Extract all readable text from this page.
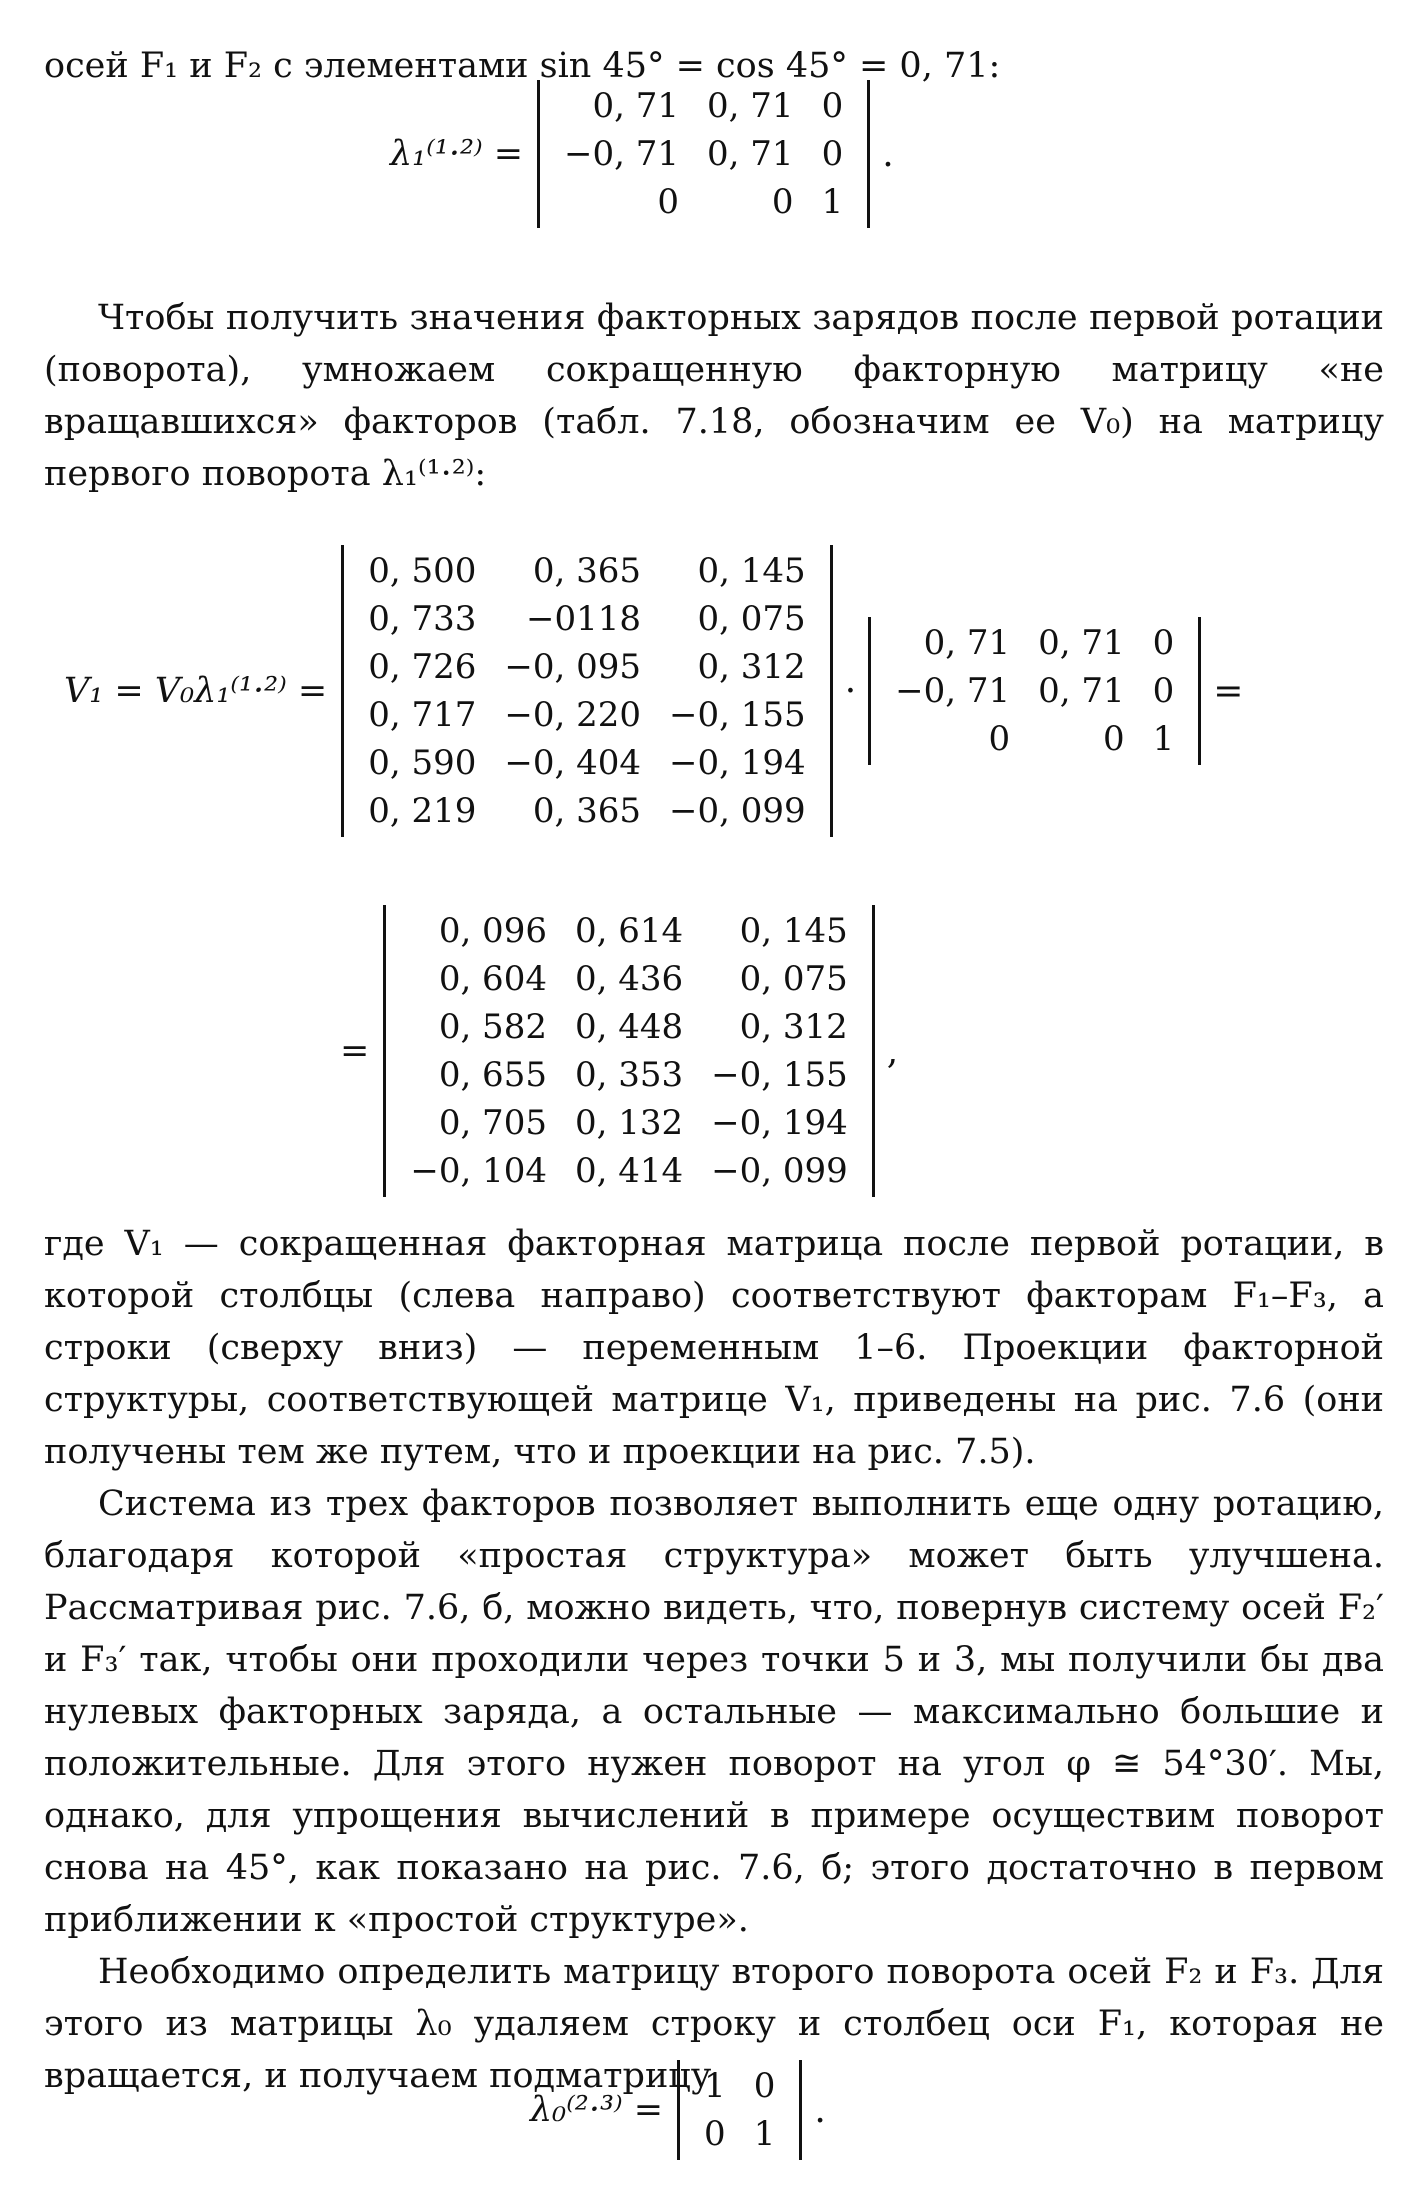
осей F₁ и F₂ с элементами sin 45° = cos 45° = 0, 71:
λ₁⁽¹·²⁾ =
0, 71	0, 71	0
−0, 71	0, 71	0
0	0	1
.

Чтобы получить значения факторных зарядов после первой ротации (поворота), умножаем сокращенную факторную матрицу «не вращавшихся» факторов (табл. 7.18, обозначим ее V₀) на матрицу первого поворота λ₁⁽¹·²⁾:

V₁ = V₀λ₁⁽¹·²⁾ =
0, 500	0, 365	0, 145
0, 733	−0118	0, 075
0, 726	−0, 095	0, 312
0, 717	−0, 220	−0, 155
0, 590	−0, 404	−0, 194
0, 219	0, 365	−0, 099
·
0, 71	0, 71	0
−0, 71	0, 71	0
0	0	1
=
=
0, 096	0, 614	0, 145
0, 604	0, 436	0, 075
0, 582	0, 448	0, 312
0, 655	0, 353	−0, 155
0, 705	0, 132	−0, 194
−0, 104	0, 414	−0, 099
,

где V₁ — сокращенная факторная матрица после первой ротации, в которой столбцы (слева направо) соответствуют факторам F₁–F₃, а строки (сверху вниз) — переменным 1–6. Проекции факторной структуры, соответствующей матрице V₁, приведены на рис. 7.6 (они получены тем же путем, что и проекции на рис. 7.5).

Система из трех факторов позволяет выполнить еще одну ротацию, благодаря которой «простая структура» может быть улучшена. Рассматривая рис. 7.6, б, можно видеть, что, повернув систему осей F₂′ и F₃′ так, чтобы они проходили через точки 5 и 3, мы получили бы два нулевых факторных заряда, а остальные — максимально большие и положительные. Для этого нужен поворот на угол φ ≅ 54°30′. Мы, однако, для упрощения вычислений в примере осуществим поворот снова на 45°, как показано на рис. 7.6, б; этого достаточно в первом приближении к «простой структуре».

Необходимо определить матрицу второго поворота осей F₂ и F₃. Для этого из матрицы λ₀ удаляем строку и столбец оси F₁, которая не вращается, и получаем подматрицу

λ₀⁽²·³⁾ =
1	0
0	1
.
